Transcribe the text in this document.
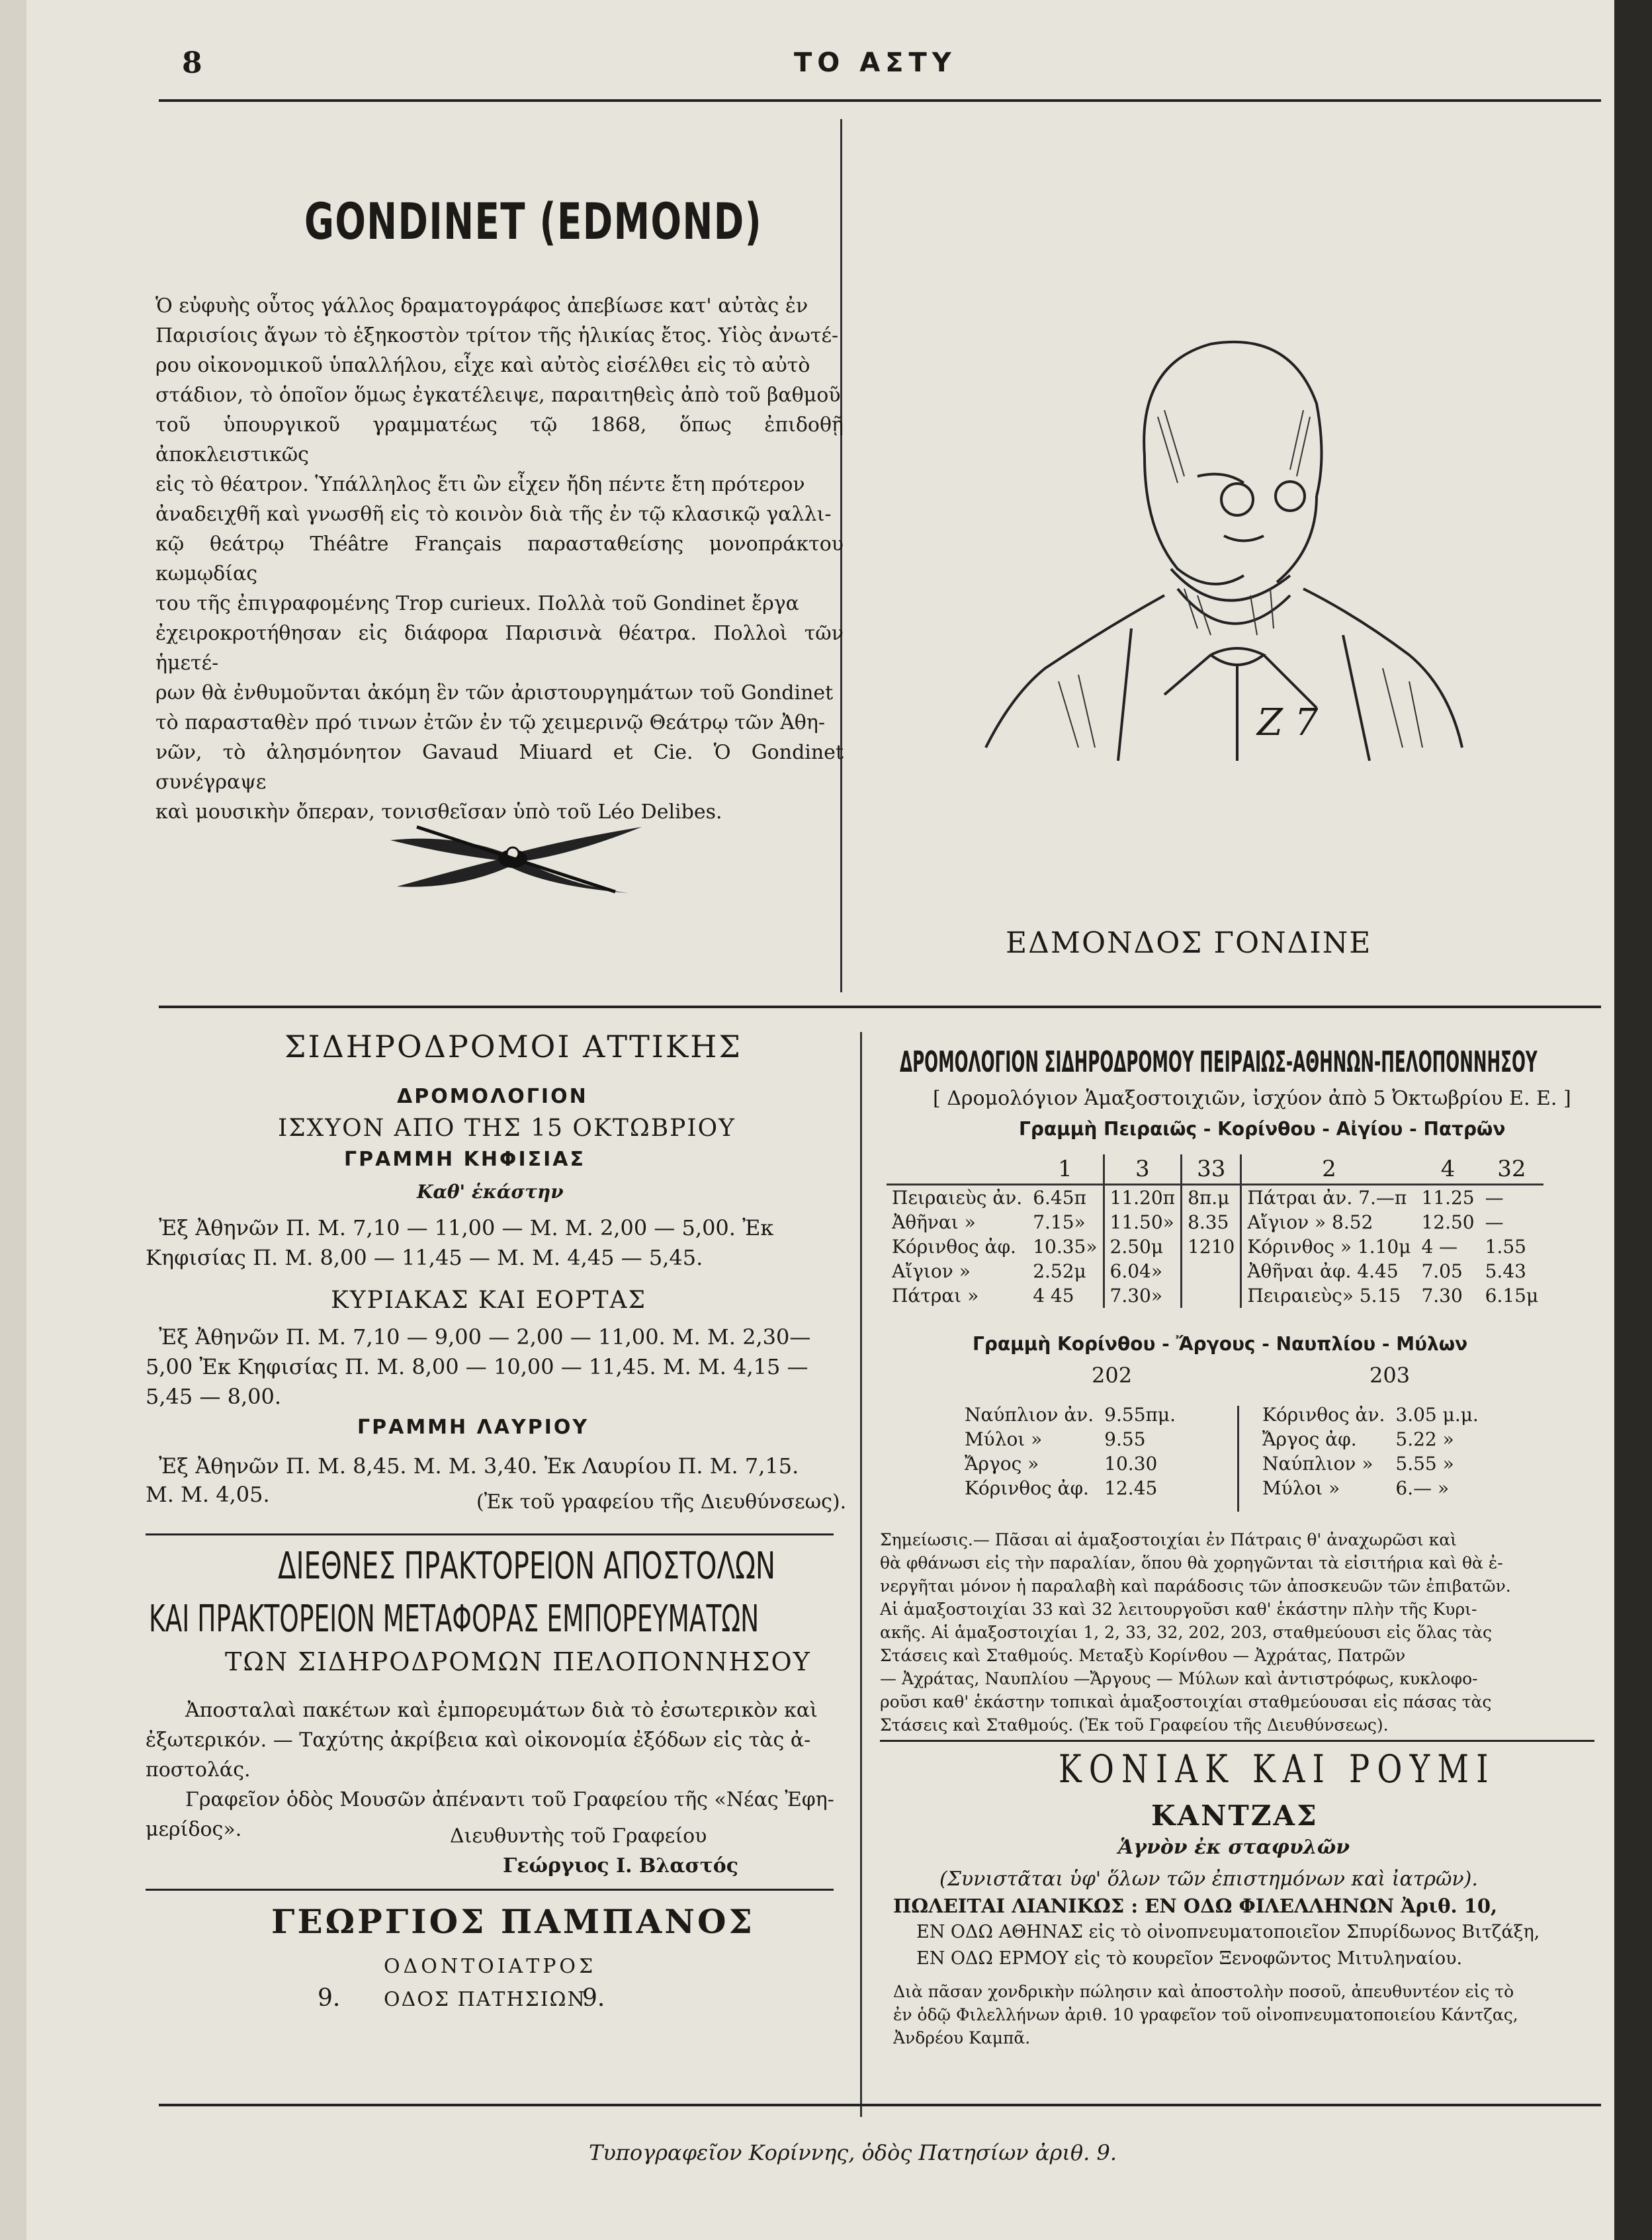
8	ΤΟ ΑΣΤΥ
GONDINET (EDMOND)
Ὁ εὐφυὴς οὗτος γάλλος δραματογράφος ἀπεβίωσε κατ' αὐτὰς ἐν
Παρισίοις ἄγων τὸ ἑξηκοστὸν τρίτον τῆς ἡλικίας ἔτος. Υἱὸς ἀνωτέ-
ρου οἰκονομικοῦ ὑπαλλήλου, εἶχε καὶ αὐτὸς εἰσέλθει εἰς τὸ αὐτὸ
στάδιον, τὸ ὁποῖον ὅμως ἐγκατέλειψε, παραιτηθεὶς ἀπὸ τοῦ βαθμοῦ
τοῦ ὑπουργικοῦ γραμματέως τῷ 1868, ὅπως ἐπιδοθῇ ἀποκλειστικῶς
εἰς τὸ θέατρον. Ὑπάλληλος ἔτι ὢν εἶχεν ἤδη πέντε ἔτη πρότερον
ἀναδειχθῆ καὶ γνωσθῆ εἰς τὸ κοινὸν διὰ τῆς ἐν τῷ κλασικῷ γαλλι-
κῷ θεάτρῳ Théâtre Français παρασταθείσης μονοπράκτου κωμῳδίας
του τῆς ἐπιγραφομένης Trop curieux. Πολλὰ τοῦ Gondinet ἔργα
ἐχειροκροτήθησαν εἰς διάφορα Παρισινὰ θέατρα. Πολλοὶ τῶν ἡμετέ-
ρων θὰ ἐνθυμοῦνται ἀκόμη ἓν τῶν ἀριστουργημάτων τοῦ Gondinet
τὸ παρασταθὲν πρό τινων ἐτῶν ἐν τῷ χειμερινῷ Θεάτρῳ τῶν Ἀθη-
νῶν, τὸ ἀλησμόνητον Gavaud Miuard et Cie. Ὁ Gondinet συνέγραψε
καὶ μουσικὴν ὄπεραν, τονισθεῖσαν ὑπὸ τοῦ Léo Delibes.
Ζ 7
ΕΔΜΟΝΔΟΣ ΓΟΝΔΙΝΕ
ΣΙΔΗΡΟΔΡΟΜΟΙ ΑΤΤΙΚΗΣ
ΔΡΟΜΟΛΟΓΙΟΝ
ΙΣΧΥΟΝ ΑΠΟ ΤΗΣ 15 ΟΚΤΩΒΡΙΟΥ
ΓΡΑΜΜΗ ΚΗΦΙΣΙΑΣ
Καθ' ἑκάστην
Ἐξ Ἀθηνῶν Π. Μ. 7,10 — 11,00 — Μ. Μ. 2,00 — 5,00. Ἐκ
Κηφισίας Π. Μ. 8,00 — 11,45 — Μ. Μ. 4,45 — 5,45.
ΚΥΡΙΑΚΑΣ ΚΑΙ ΕΟΡΤΑΣ
Ἐξ Ἀθηνῶν Π. Μ. 7,10 — 9,00 — 2,00 — 11,00. Μ. Μ. 2,30—
5,00 Ἐκ Κηφισίας Π. Μ. 8,00 — 10,00 — 11,45. Μ. Μ. 4,15 —
5,45 — 8,00.
ΓΡΑΜΜΗ ΛΑΥΡΙΟΥ
Ἐξ Ἀθηνῶν Π. Μ. 8,45. Μ. Μ. 3,40. Ἐκ Λαυρίου Π. Μ. 7,15.
Μ. Μ. 4,05.	(Ἐκ τοῦ γραφείου τῆς Διευθύνσεως).
ΔΙΕΘΝΕΣ ΠΡΑΚΤΟΡΕΙΟΝ ΑΠΟΣΤΟΛΩΝ
ΚΑΙ ΠΡΑΚΤΟΡΕΙΟΝ ΜΕΤΑΦΟΡΑΣ ΕΜΠΟΡΕΥΜΑΤΩΝ
ΤΩΝ ΣΙΔΗΡΟΔΡΟΜΩΝ ΠΕΛΟΠΟΝΝΗΣΟΥ
Ἀποσταλαὶ πακέτων καὶ ἐμπορευμάτων διὰ τὸ ἐσωτερικὸν καὶ
ἐξωτερικόν. — Ταχύτης ἀκρίβεια καὶ οἰκονομία ἐξόδων εἰς τὰς ἀ-
ποστολάς.
Γραφεῖον ὁδὸς Μουσῶν ἀπέναντι τοῦ Γραφείου τῆς «Νέας Ἐφη-
μερίδος».	Διευθυντὴς τοῦ Γραφείου
Γεώργιος Ι. Βλαστός
ΓΕΩΡΓΙΟΣ ΠΑΜΠΑΝΟΣ
ΟΔΟΝΤΟΙΑΤΡΟΣ
9. ΟΔΟΣ ΠΑΤΗΣΙΩΝ
9.
ΔΡΟΜΟΛΟΓΙΟΝ ΣΙΔΗΡΟΔΡΟΜΟΥ ΠΕΙΡΑΙΩΣ-ΑΘΗΝΩΝ-ΠΕΛΟΠΟΝΝΗΣΟΥ
[ Δρομολόγιον Ἁμαξοστοιχιῶν, ἰσχύον ἀπὸ 5 Ὀκτωβρίου Ε. Ε. ]
Γραμμὴ Πειραιῶς - Κορίνθου - Αἰγίου - Πατρῶν
	1	3	33	2	4	32
Πειραιεὺς ἀν.	6.45π	11.20π	8π.μ	Πάτραι ἀν. 7.—π	11.25	—
Ἀθῆναι »	7.15»	11.50»	8.35	Αἴγιον » 8.52	12.50	—
Κόρινθος ἀφ.	10.35»	2.50μ	1210	Κόρινθος » 1.10μ	4 —	1.55
Αἴγιον »	2.52μ	6.04»		Ἀθῆναι ἀφ. 4.45	7.05	5.43
Πάτραι »	4 45	7.30»		Πειραιεὺς» 5.15	7.30	6.15μ
Γραμμὴ Κορίνθου - Ἄργους - Ναυπλίου - Μύλων
202	203
Ναύπλιον ἀν.	9.55πμ.
Μύλοι »	9.55
Ἄργος »	10.30
Κόρινθος ἀφ.	12.45
Κόρινθος ἀν.	3.05 μ.μ.
Ἄργος ἀφ.	5.22 »
Ναύπλιον »	5.55 »
Μύλοι »	6.— »
Σημείωσις.— Πᾶσαι αἱ ἁμαξοστοιχίαι ἐν Πάτραις θ' ἀναχωρῶσι καὶ
θὰ φθάνωσι εἰς τὴν παραλίαν, ὅπου θὰ χορηγῶνται τὰ εἰσιτήρια καὶ θὰ ἐ-
νεργῆται μόνον ἡ παραλαβὴ καὶ παράδοσις τῶν ἀποσκευῶν τῶν ἐπιβατῶν.
Αἱ ἁμαξοστοιχίαι 33 καὶ 32 λειτουργοῦσι καθ' ἑκάστην πλὴν τῆς Κυρι-
ακῆς. Αἱ ἁμαξοστοιχίαι 1, 2, 33, 32, 202, 203, σταθμεύουσι εἰς ὅλας τὰς
Στάσεις καὶ Σταθμούς. Μεταξὺ Κορίνθου — Ἀχράτας, Πατρῶν
— Ἀχράτας, Ναυπλίου —Ἄργους — Μύλων καὶ ἀντιστρόφως, κυκλοφο-
ροῦσι καθ' ἑκάστην τοπικαὶ ἁμαξοστοιχίαι σταθμεύουσαι εἰς πάσας τὰς
Στάσεις καὶ Σταθμούς. (Ἐκ τοῦ Γραφείου τῆς Διευθύνσεως).
ΚΟΝΙΑΚ ΚΑΙ ΡΟΥΜΙ
ΚΑΝΤΖΑΣ
Ἁγνὸν ἐκ σταφυλῶν
(Συνιστᾶται ὑφ' ὅλων τῶν ἐπιστημόνων καὶ ἰατρῶν).
ΠΩΛΕΙΤΑΙ ΛΙΑΝΙΚΩΣ : ΕΝ ΟΔΩ ΦΙΛΕΛΛΗΝΩΝ Ἀριθ. 10,
ΕΝ ΟΔΩ ΑΘΗΝΑΣ εἰς τὸ οἰνοπνευματοποιεῖον Σπυρίδωνος Βιτζάξη,
ΕΝ ΟΔΩ ΕΡΜΟΥ εἰς τὸ κουρεῖον Ξενοφῶντος Μιτυληναίου.
Διὰ πᾶσαν χονδρικὴν πώλησιν καὶ ἀποστολὴν ποσοῦ, ἀπευθυντέον εἰς τὸ
ἐν ὁδῷ Φιλελλήνων ἀριθ. 10 γραφεῖον τοῦ οἰνοπνευματοποιείου Κάντζας,
Ἀνδρέου Καμπᾶ.
Τυπογραφεῖον Κορίννης, ὁδὸς Πατησίων ἀριθ. 9.
